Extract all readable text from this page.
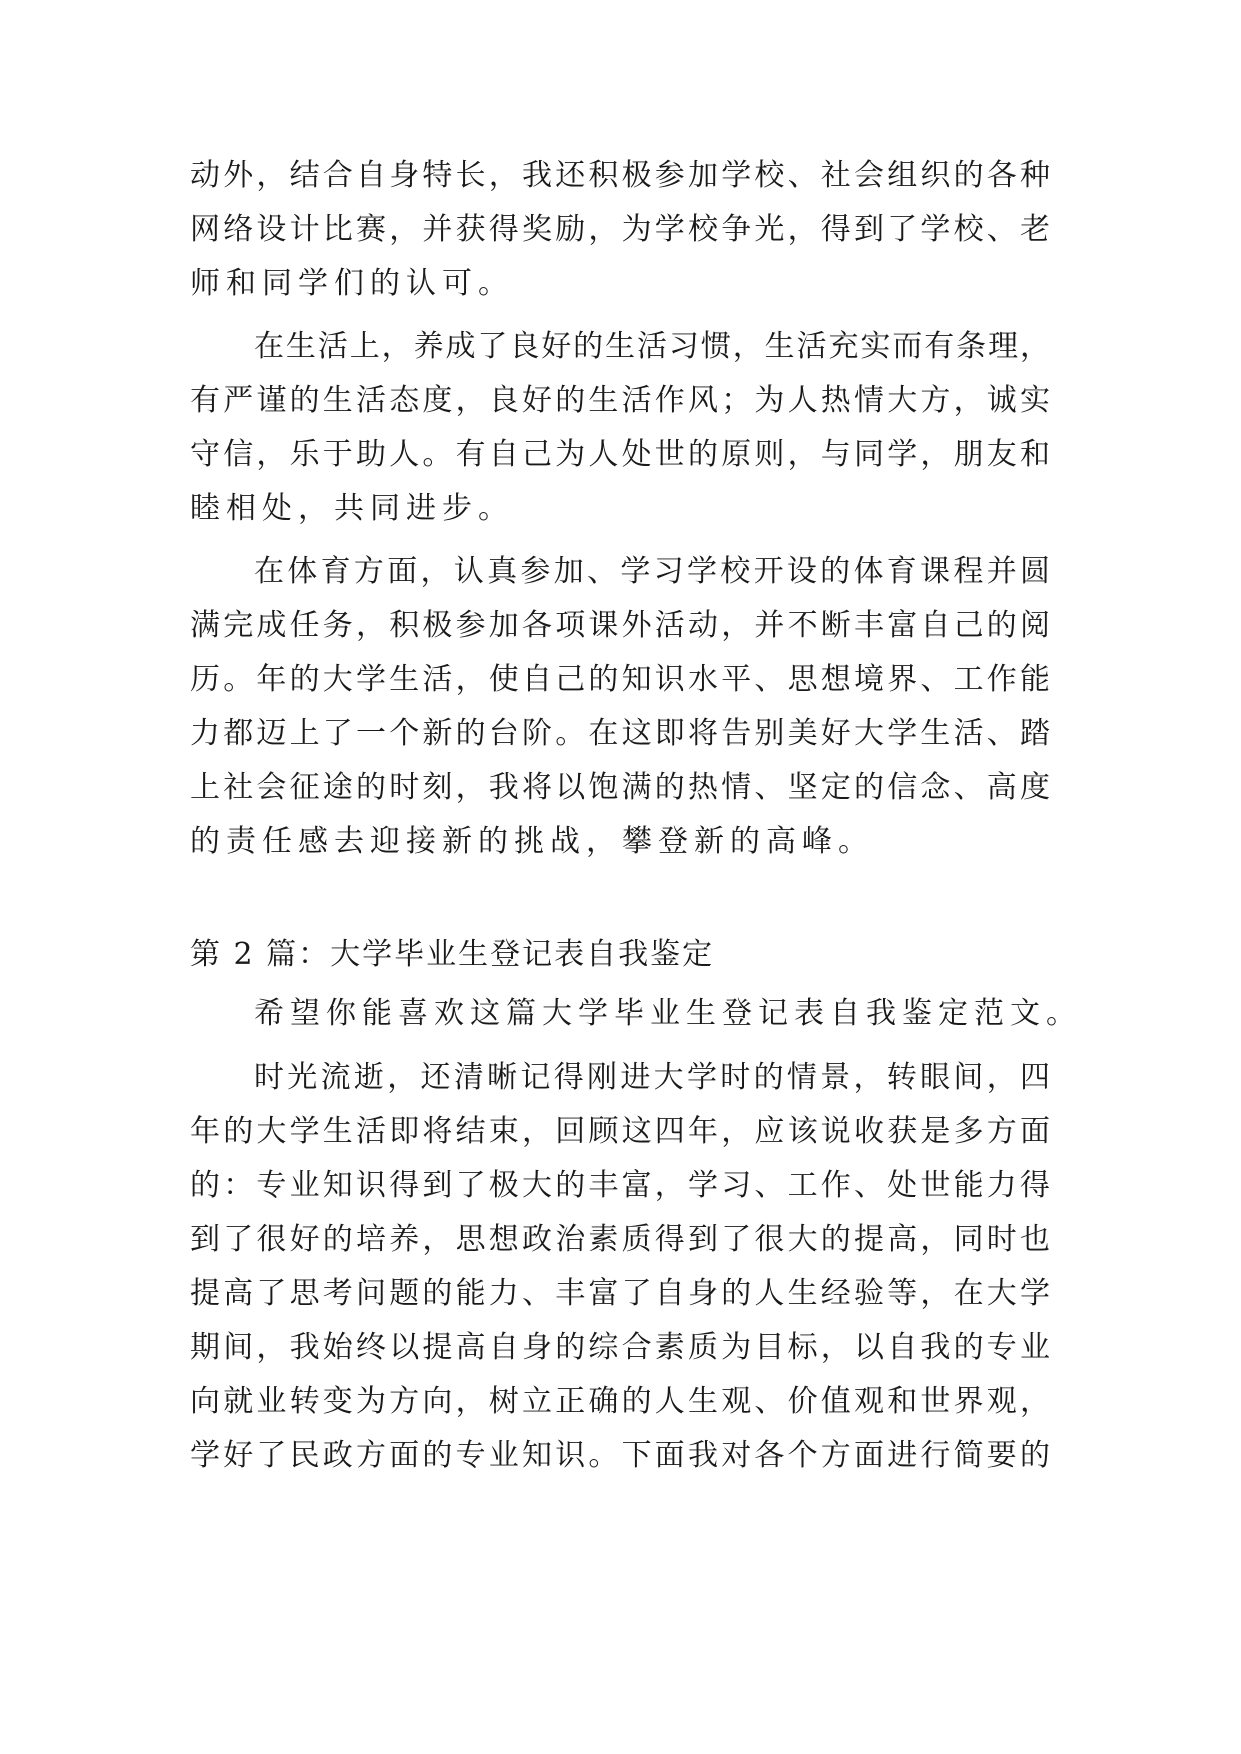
动外，结合自身特长，我还积极参加学校、社会组织的各种
网络设计比赛，并获得奖励，为学校争光，得到了学校、老
师和同学们的认可。
在生活上，养成了良好的生活习惯，生活充实而有条理，
有严谨的生活态度，良好的生活作风；为人热情大方，诚实
守信，乐于助人。有自己为人处世的原则，与同学，朋友和
睦相处，共同进步。
在体育方面，认真参加、学习学校开设的体育课程并圆
满完成任务，积极参加各项课外活动，并不断丰富自己的阅
历。年的大学生活，使自己的知识水平、思想境界、工作能
力都迈上了一个新的台阶。在这即将告别美好大学生活、踏
上社会征途的时刻，我将以饱满的热情、坚定的信念、高度
的责任感去迎接新的挑战，攀登新的高峰。
第 2 篇：大学毕业生登记表自我鉴定
希望你能喜欢这篇大学毕业生登记表自我鉴定范文。
时光流逝，还清晰记得刚进大学时的情景，转眼间，四
年的大学生活即将结束，回顾这四年，应该说收获是多方面
的：专业知识得到了极大的丰富，学习、工作、处世能力得
到了很好的培养，思想政治素质得到了很大的提高，同时也
提高了思考问题的能力、丰富了自身的人生经验等，在大学
期间，我始终以提高自身的综合素质为目标，以自我的专业
向就业转变为方向，树立正确的人生观、价值观和世界观，
学好了民政方面的专业知识。下面我对各个方面进行简要的
